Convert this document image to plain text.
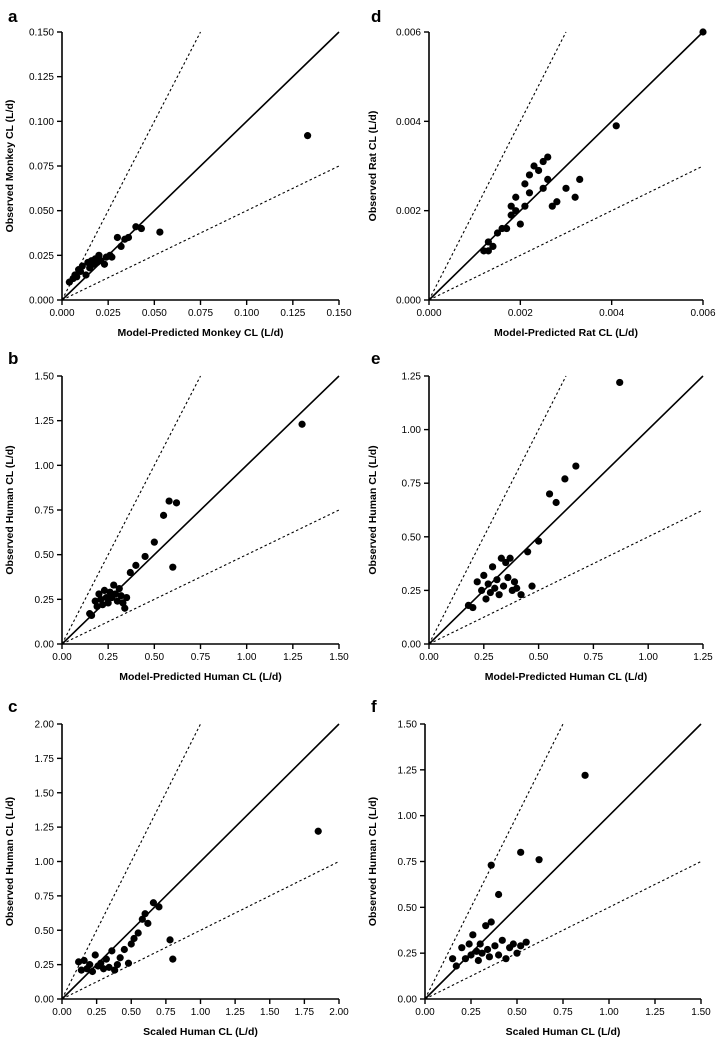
a
0.000 0.025 0.050 0.075 0.100 0.125 0.150
0.000
0.025
0.050
0.075
0.100
0.125
0.150
Model-Predicted Monkey CL (L/d)
Observed Monkey CL (L/d)
d
0.000	0.002	0.004	0.006
0.000
0.002
0.004
0.006
Model-Predicted Rat CL (L/d)
Observed Rat CL (L/d)
b
0.00	0.25	0.50	0.75	1.00	1.25	1.50
0.00
0.25
0.50
0.75
1.00
1.25
1.50
Model-Predicted Human CL (L/d)
Observed Human CL (L/d)
e
0.00	0.25	0.50	0.75	1.00	1.25
0.00
0.25
0.50
0.75
1.00
1.25
Model-Predicted Human CL (L/d)
Observed Human CL (L/d)
c
0.00 0.25 0.50 0.75 1.00 1.25 1.50 1.75 2.00
0.00
0.25
0.50
0.75
1.00
1.25
1.50
1.75
2.00
Scaled Human CL (L/d)
Observed Human CL (L/d)
f
0.00	0.25	0.50	0.75	1.00	1.25	1.50
0.00
0.25
0.50
0.75
1.00
1.25
1.50
Scaled Human CL (L/d)
Observed Human CL (L/d)
